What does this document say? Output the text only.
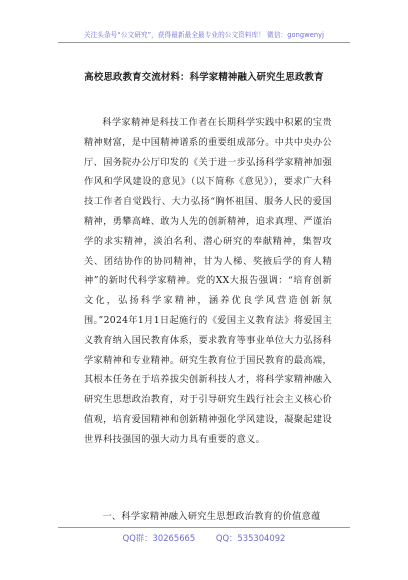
关注头条号“公文研究”，获得最新最全最专业的公文资料库！ 微信：gongwenyj
高校思政教育交流材料：科学家精神融入研究生思政教育

科学家精神是科技工作者在长期科学实践中积累的宝贵精神财富，是中国精神谱系的重要组成部分。中共中央办公厅、国务院办公厅印发的《关于进一步弘扬科学家精神加强作风和学风建设的意见》（以下简称《意见》），要求广大科技工作者自觉践行、大力弘扬“胸怀祖国、服务人民的爱国精神，勇攀高峰、敢为人先的创新精神，追求真理、严谨治学的求实精神，淡泊名利、潜心研究的奉献精神，集智攻关、团结协作的协同精神，甘为人梯、奖掖后学的育人精神”的新时代科学家精神。党的XX大报告强调：“培育创新文化，弘扬科学家精神，涵养优良学风营造创新氛围。”2024年1月1日起施行的《爱国主义教育法》将爱国主义教育纳入国民教育体系，要求教育等事业单位大力弘扬科学家精神和专业精神。研究生教育位于国民教育的最高端，其根本任务在于培养拔尖创新科技人才，将科学家精神融入研究生思想政治教育，对于引导研究生践行社会主义核心价值观，培育爱国精神和创新精神强化学风建设，凝聚起建设世界科技强国的强大动力具有重要的意义。

一、科学家精神融入研究生思想政治教育的价值意蕴

QQ群：30265665 QQ：535304092
